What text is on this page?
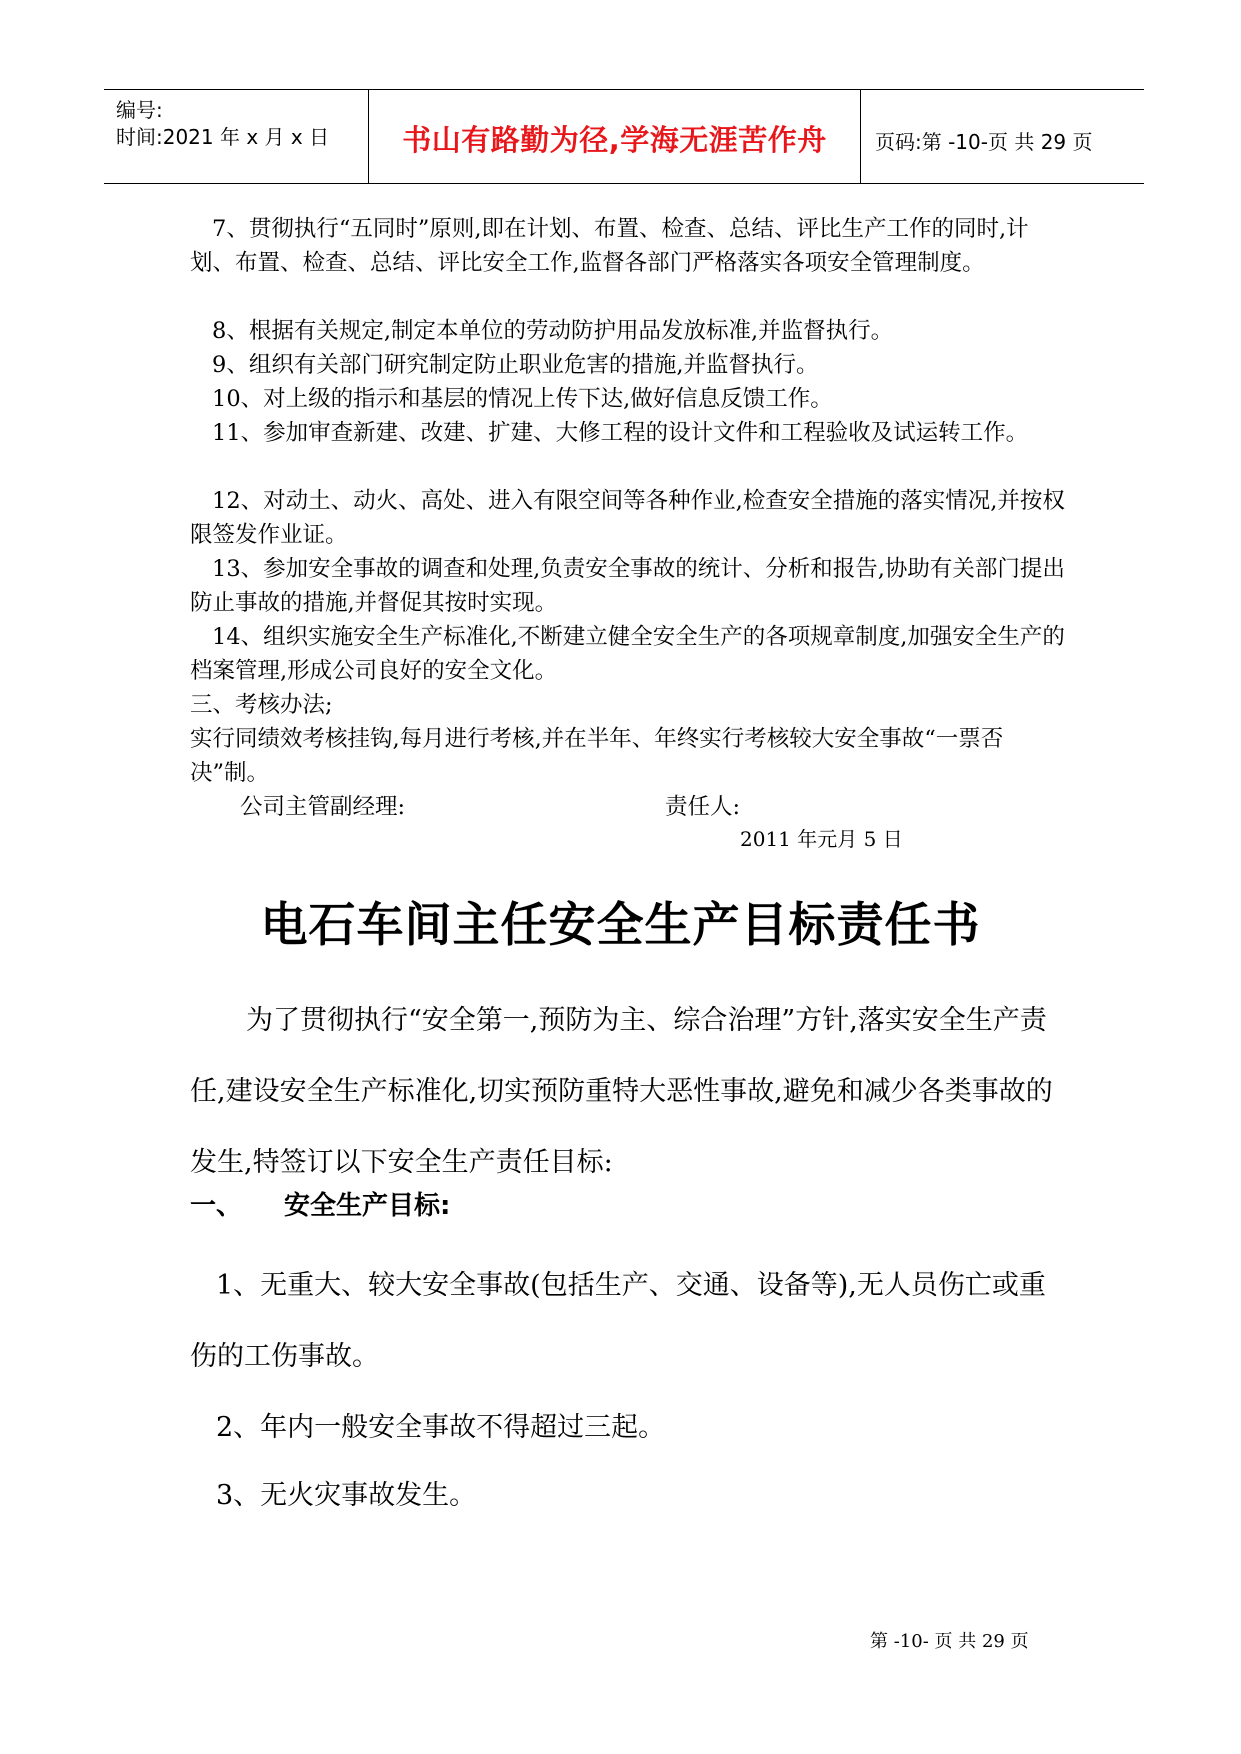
编号:
时间:2021 年 x 月 x 日	书山有路勤为径,学海无涯苦作舟	页码:第 -10-页 共 29 页
7、贯彻执行“五同时”原则,即在计划、布置、检查、总结、评比生产工作的同时,计划、布置、检查、总结、评比安全工作,监督各部门严格落实各项安全管理制度。
8、根据有关规定,制定本单位的劳动防护用品发放标准,并监督执行。
9、组织有关部门研究制定防止职业危害的措施,并监督执行。
10、对上级的指示和基层的情况上传下达,做好信息反馈工作。
11、参加审查新建、改建、扩建、大修工程的设计文件和工程验收及试运转工作。
12、对动土、动火、高处、进入有限空间等各种作业,检查安全措施的落实情况,并按权限签发作业证。
13、参加安全事故的调查和处理,负责安全事故的统计、分析和报告,协助有关部门提出防止事故的措施,并督促其按时实现。
14、组织实施安全生产标准化,不断建立健全安全生产的各项规章制度,加强安全生产的档案管理,形成公司良好的安全文化。
三、考核办法;
实行同绩效考核挂钩,每月进行考核,并在半年、年终实行考核较大安全事故“一票否决”制。
公司主管副经理:	责任人:
2011 年元月 5 日
电石车间主任安全生产目标责任书
为了贯彻执行“安全第一,预防为主、综合治理”方针,落实安全生产责任,建设安全生产标准化,切实预防重特大恶性事故,避免和减少各类事故的发生,特签订以下安全生产责任目标:
一、 安全生产目标:
1、无重大、较大安全事故(包括生产、交通、设备等),无人员伤亡或重伤的工伤事故。
2、年内一般安全事故不得超过三起。
3、无火灾事故发生。
第 -10- 页 共 29 页
